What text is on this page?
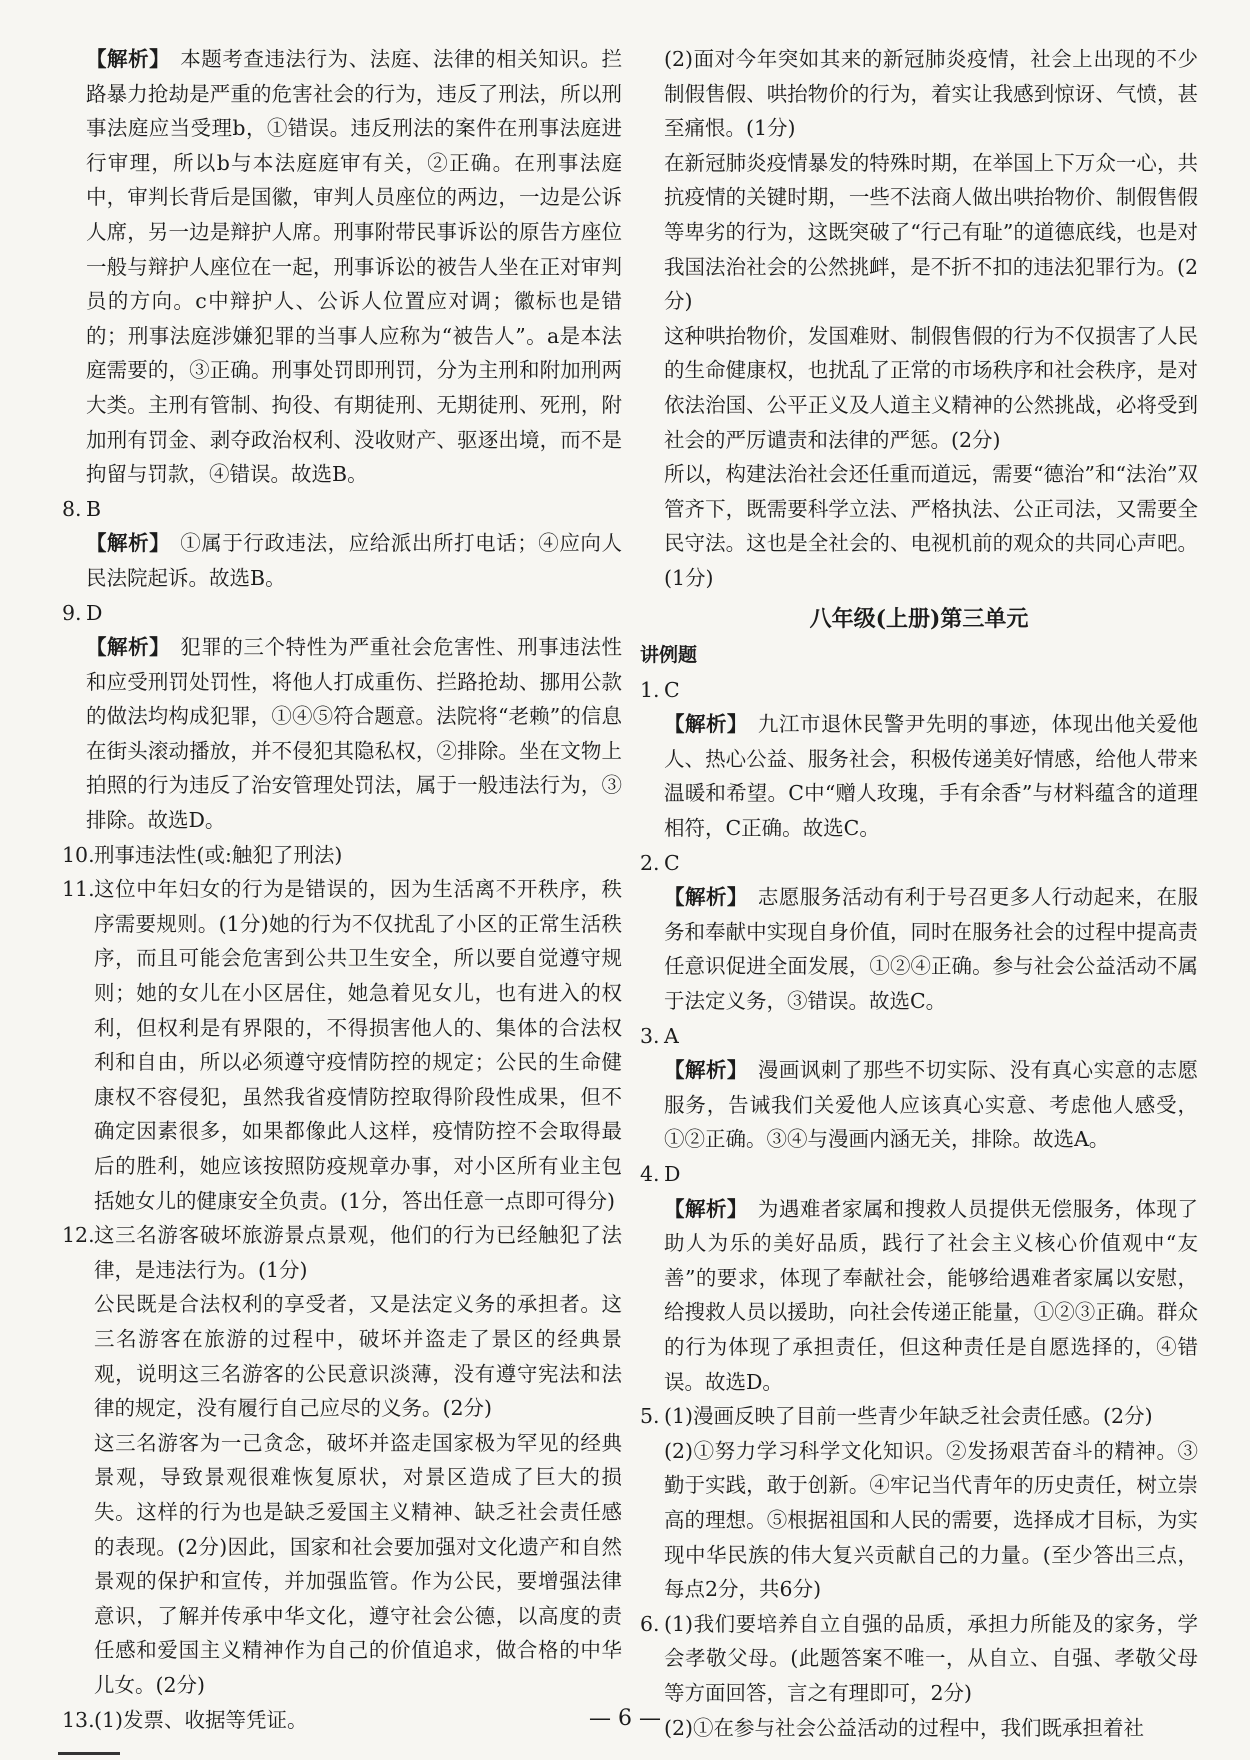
【解析】 本题考查违法行为、法庭、法律的相关知识。拦路暴力抢劫是严重的危害社会的行为，违反了刑法，所以刑事法庭应当受理b，①错误。违反刑法的案件在刑事法庭进行审理，所以b与本法庭庭审有关，②正确。在刑事法庭中，审判长背后是国徽，审判人员座位的两边，一边是公诉人席，另一边是辩护人席。刑事附带民事诉讼的原告方座位一般与辩护人座位在一起，刑事诉讼的被告人坐在正对审判员的方向。c中辩护人、公诉人位置应对调；徽标也是错的；刑事法庭涉嫌犯罪的当事人应称为“被告人”。a是本法庭需要的，③正确。刑事处罚即刑罚，分为主刑和附加刑两大类。主刑有管制、拘役、有期徒刑、无期徒刑、死刑，附加刑有罚金、剥夺政治权利、没收财产、驱逐出境，而不是拘留与罚款，④错误。故选B。

8. B

【解析】 ①属于行政违法，应给派出所打电话；④应向人民法院起诉。故选B。

9. D

【解析】 犯罪的三个特性为严重社会危害性、刑事违法性和应受刑罚处罚性，将他人打成重伤、拦路抢劫、挪用公款的做法均构成犯罪，①④⑤符合题意。法院将“老赖”的信息在街头滚动播放，并不侵犯其隐私权，②排除。坐在文物上拍照的行为违反了治安管理处罚法，属于一般违法行为，③排除。故选D。

10. 刑事违法性(或:触犯了刑法)

11. 这位中年妇女的行为是错误的，因为生活离不开秩序，秩序需要规则。(1分)她的行为不仅扰乱了小区的正常生活秩序，而且可能会危害到公共卫生安全，所以要自觉遵守规则；她的女儿在小区居住，她急着见女儿，也有进入的权利，但权利是有界限的，不得损害他人的、集体的合法权利和自由，所以必须遵守疫情防控的规定；公民的生命健康权不容侵犯，虽然我省疫情防控取得阶段性成果，但不确定因素很多，如果都像此人这样，疫情防控不会取得最后的胜利，她应该按照防疫规章办事，对小区所有业主包括她女儿的健康安全负责。(1分，答出任意一点即可得分)

12. 这三名游客破坏旅游景点景观，他们的行为已经触犯了法律，是违法行为。(1分)

公民既是合法权利的享受者，又是法定义务的承担者。这三名游客在旅游的过程中，破坏并盗走了景区的经典景观，说明这三名游客的公民意识淡薄，没有遵守宪法和法律的规定，没有履行自己应尽的义务。(2分)

这三名游客为一己贪念，破坏并盗走国家极为罕见的经典景观，导致景观很难恢复原状，对景区造成了巨大的损失。这样的行为也是缺乏爱国主义精神、缺乏社会责任感的表现。(2分)因此，国家和社会要加强对文化遗产和自然景观的保护和宣传，并加强监管。作为公民，要增强法律意识，了解并传承中华文化，遵守社会公德，以高度的责任感和爱国主义精神作为自己的价值追求，做合格的中华儿女。(2分)

13. (1)发票、收据等凭证。

(2)面对今年突如其来的新冠肺炎疫情，社会上出现的不少制假售假、哄抬物价的行为，着实让我感到惊讶、气愤，甚至痛恨。(1分)

在新冠肺炎疫情暴发的特殊时期，在举国上下万众一心，共抗疫情的关键时期，一些不法商人做出哄抬物价、制假售假等卑劣的行为，这既突破了“行己有耻”的道德底线，也是对我国法治社会的公然挑衅，是不折不扣的违法犯罪行为。(2分)

这种哄抬物价，发国难财、制假售假的行为不仅损害了人民的生命健康权，也扰乱了正常的市场秩序和社会秩序，是对依法治国、公平正义及人道主义精神的公然挑战，必将受到社会的严厉谴责和法律的严惩。(2分)

所以，构建法治社会还任重而道远，需要“德治”和“法治”双管齐下，既需要科学立法、严格执法、公正司法，又需要全民守法。这也是全社会的、电视机前的观众的共同心声吧。(1分)

八年级(上册)第三单元
讲例题

1. C

【解析】 九江市退休民警尹先明的事迹，体现出他关爱他人、热心公益、服务社会，积极传递美好情感，给他人带来温暖和希望。C中“赠人玫瑰，手有余香”与材料蕴含的道理相符，C正确。故选C。

2. C

【解析】 志愿服务活动有利于号召更多人行动起来，在服务和奉献中实现自身价值，同时在服务社会的过程中提高责任意识促进全面发展，①②④正确。参与社会公益活动不属于法定义务，③错误。故选C。

3. A

【解析】 漫画讽刺了那些不切实际、没有真心实意的志愿服务，告诫我们关爱他人应该真心实意、考虑他人感受，①②正确。③④与漫画内涵无关，排除。故选A。

4. D

【解析】 为遇难者家属和搜救人员提供无偿服务，体现了助人为乐的美好品质，践行了社会主义核心价值观中“友善”的要求，体现了奉献社会，能够给遇难者家属以安慰，给搜救人员以援助，向社会传递正能量，①②③正确。群众的行为体现了承担责任，但这种责任是自愿选择的，④错误。故选D。

5. (1)漫画反映了目前一些青少年缺乏社会责任感。(2分)

(2)①努力学习科学文化知识。②发扬艰苦奋斗的精神。③勤于实践，敢于创新。④牢记当代青年的历史责任，树立崇高的理想。⑤根据祖国和人民的需要，选择成才目标，为实现中华民族的伟大复兴贡献自己的力量。(至少答出三点，每点2分，共6分)

6. (1)我们要培养自立自强的品质，承担力所能及的家务，学会孝敬父母。(此题答案不唯一，从自立、自强、孝敬父母等方面回答，言之有理即可，2分)

(2)①在参与社会公益活动的过程中，我们既承担着社

— 6 —
